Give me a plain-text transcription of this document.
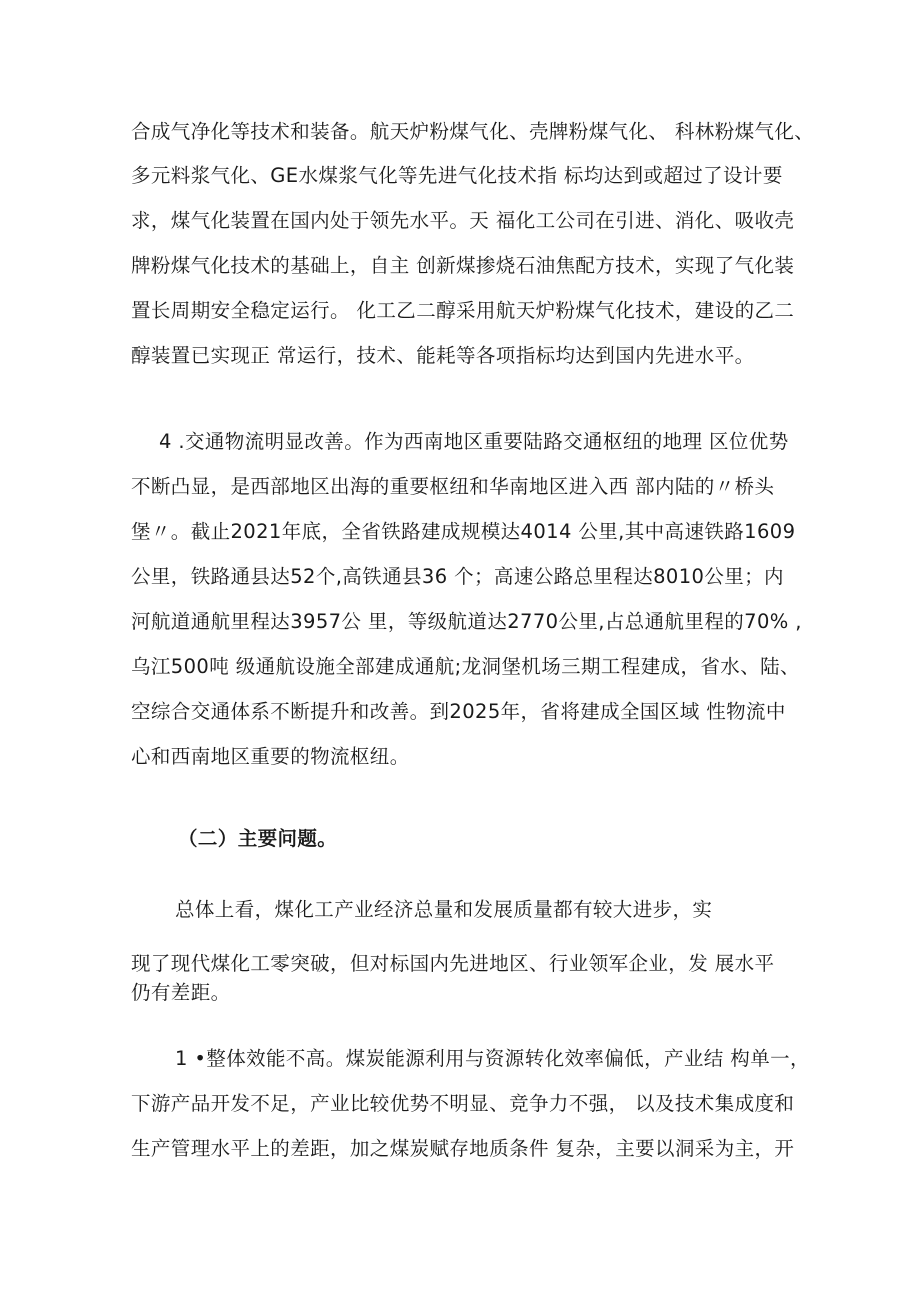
合成气净化等技术和装备。航天炉粉煤气化、壳牌粉煤气化、 科林粉煤气化、
多元料浆气化、GE水煤浆气化等先进气化技术指 标均达到或超过了设计要
求，煤气化装置在国内处于领先水平。天 福化工公司在引进、消化、吸收壳
牌粉煤气化技术的基础上，自主 创新煤掺烧石油焦配方技术，实现了气化装
置长周期安全稳定运行。 化工乙二醇采用航天炉粉煤气化技术，建设的乙二
醇装置已实现正 常运行，技术、能耗等各项指标均达到国内先进水平。
4 .交通物流明显改善。作为西南地区重要陆路交通枢纽的地理 区位优势
不断凸显，是西部地区出海的重要枢纽和华南地区进入西 部内陆的〃桥头
堡〃。截止2021年底，全省铁路建成规模达4014 公里,其中高速铁路1609
公里，铁路通县达52个,高铁通县36 个；高速公路总里程达8010公里；内
河航道通航里程达3957公 里，等级航道达2770公里,占总通航里程的70% ,
乌江500吨 级通航设施全部建成通航;龙洞堡机场三期工程建成，省水、陆、
空综合交通体系不断提升和改善。到2025年，省将建成全国区域 性物流中
心和西南地区重要的物流枢纽。
（二）主要问题。
总体上看，煤化工产业经济总量和发展质量都有较大进步，实
现了现代煤化工零突破，但对标国内先进地区、行业领军企业，发 展水平
仍有差距。
1 •整体效能不高。煤炭能源利用与资源转化效率偏低，产业结 构单一，
下游产品开发不足，产业比较优势不明显、竞争力不强， 以及技术集成度和
生产管理水平上的差距，加之煤炭赋存地质条件 复杂，主要以洞采为主，开
